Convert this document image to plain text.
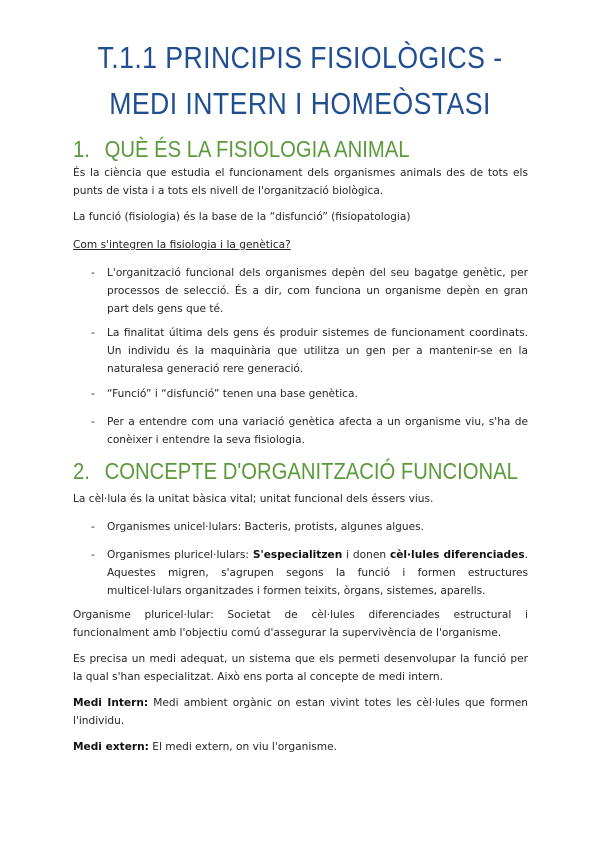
T.1.1 PRINCIPIS FISIOLÒGICS -
MEDI INTERN I HOMEÒSTASI
1. QUÈ ÉS LA FISIOLOGIA ANIMAL
És la ciència que estudia el funcionament dels organismes animals des de tots els punts de vista i a tots els nivell de l'organització biològica.
La funció (fisiologia) és la base de la “disfunció” (fisiopatologia)
Com s'integren la fisiologia i la genètica?
- L'organització funcional dels organismes depèn del seu bagatge genètic, per processos de selecció. És a dir, com funciona un organisme depèn en gran part dels gens que té.
- La finalitat última dels gens és produir sistemes de funcionament coordinats. Un individu és la maquinària que utilitza un gen per a mantenir-se en la naturalesa generació rere generació.
- “Funció” i “disfunció” tenen una base genètica.
- Per a entendre com una variació genètica afecta a un organisme viu, s'ha de conèixer i entendre la seva fisiologia.
2. CONCEPTE D'ORGANITZACIÓ FUNCIONAL
La cèl·lula és la unitat bàsica vital; unitat funcional dels éssers vius.
- Organismes unicel·lulars: Bacteris, protists, algunes algues.
- Organismes pluricel·lulars: S'especialitzen i donen cèl·lules diferenciades. Aquestes migren, s'agrupen segons la funció i formen estructures multicel·lulars organitzades i formen teixits, òrgans, sistemes, aparells.
Organisme pluricel·lular: Societat de cèl·lules diferenciades estructural i funcionalment amb l'objectiu comú d'assegurar la supervivència de l'organisme.
Es precisa un medi adequat, un sistema que els permeti desenvolupar la funció per la qual s'han especialitzat. Això ens porta al concepte de medi intern.
Medi Intern: Medi ambient orgànic on estan vivint totes les cèl·lules que formen l'individu.
Medi extern: El medi extern, on viu l'organisme.
